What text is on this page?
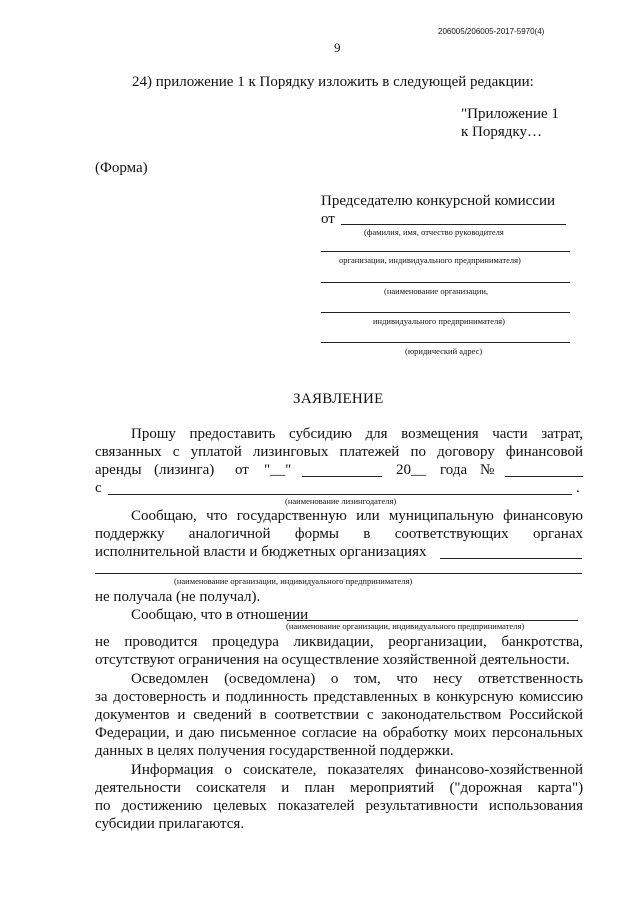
206005/206005-2017-5970(4)
9
24) приложение 1 к Порядку изложить в следующей редакции:
"Приложение 1
к Порядку…
(Форма)
Председателю конкурсной комиссии
от
(фамилия, имя, отчество руководителя
организации, индивидуального предпринимателя)
(наименование организации,
индивидуального предпринимателя)
(юридический адрес)
ЗАЯВЛЕНИЕ
Прошу предоставить субсидию для возмещения части затрат,
связанных с уплатой лизинговых платежей по договору финансовой
аренды (лизинга) от "__"	20__ года №
с	.
(наименование лизингодателя)
Сообщаю, что государственную или муниципальную финансовую
поддержку аналогичной формы в соответствующих органах
исполнительной власти и бюджетных организациях
(наименование организации, индивидуального предпринимателя)
не получала (не получал).
Сообщаю, что в отношении
(наименование организации, индивидуального предпринимателя)
не проводится процедура ликвидации, реорганизации, банкротства,
отсутствуют ограничения на осуществление хозяйственной деятельности.
Осведомлен (осведомлена) о том, что несу ответственность
за достоверность и подлинность представленных в конкурсную комиссию
документов и сведений в соответствии с законодательством Российской
Федерации, и даю письменное согласие на обработку моих персональных
данных в целях получения государственной поддержки.
Информация о соискателе, показателях финансово-хозяйственной
деятельности соискателя и план мероприятий ("дорожная карта")
по достижению целевых показателей результативности использования
субсидии прилагаются.
